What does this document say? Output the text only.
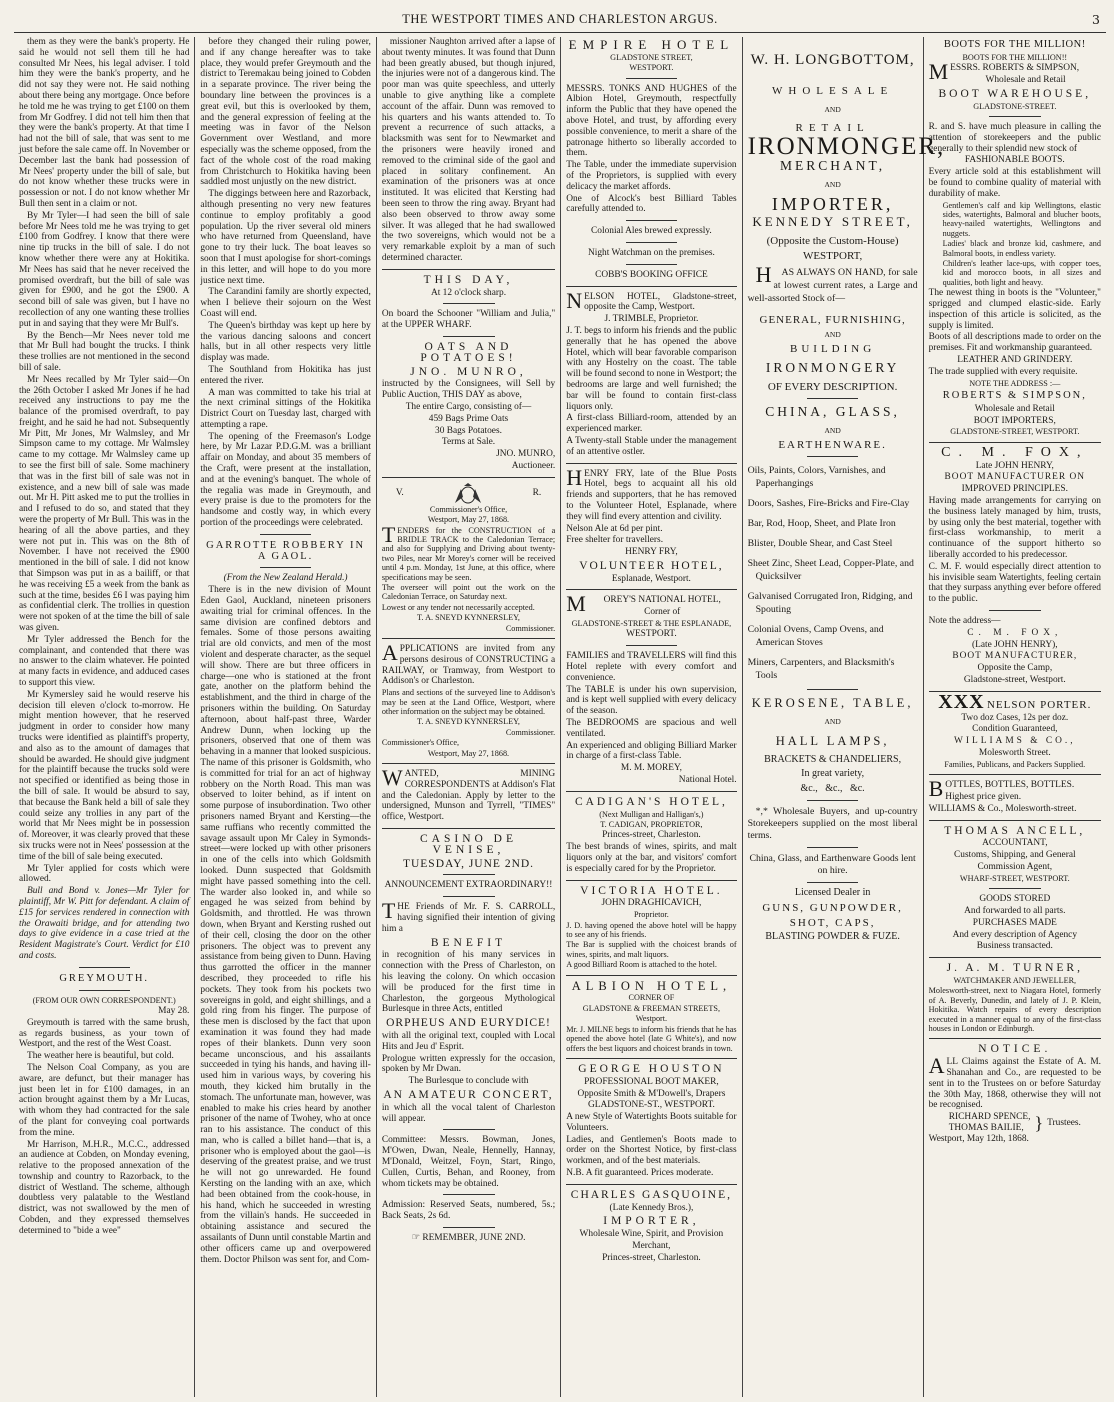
THE WESTPORT TIMES AND CHARLESTON ARGUS.	3

them as they were the bank's property. He said he would not sell them till he had consulted Mr Nees, his legal adviser. I told him they were the bank's property, and he did not say they were not. He said nothing about there being any mortgage. Once before he told me he was trying to get £100 on them from Mr Godfrey. I did not tell him then that they were the bank's property. At that time I had not the bill of sale, that was sent to me just before the sale came off. In November or December last the bank had possession of Mr Nees' property under the bill of sale, but do not know whether these trucks were in possession or not. I do not know whether Mr Bull then sent in a claim or not.

By Mr Tyler—I had seen the bill of sale before Mr Nees told me he was trying to get £100 from Godfrey. I know that there were nine tip trucks in the bill of sale. I do not know whether there were any at Hokitika. Mr Nees has said that he never received the promised overdraft, but the bill of sale was given for £900, and he got the £900. A second bill of sale was given, but I have no recollection of any one wanting these trollies put in and saying that they were Mr Bull's.

By the Bench—Mr Nees never told me that Mr Bull had bought the trucks. I think these trollies are not mentioned in the second bill of sale.

Mr Nees recalled by Mr Tyler said—On the 26th October I asked Mr Jones if he had received any instructions to pay me the balance of the promised overdraft, to pay freight, and he said he had not. Subsequently Mr Pitt, Mr Jones, Mr Walmsley, and Mr Simpson came to my cottage. Mr Walmsley came to my cottage. Mr Walmsley came up to see the first bill of sale. Some machinery that was in the first bill of sale was not in existence, and a new bill of sale was made out. Mr H. Pitt asked me to put the trollies in and I refused to do so, and stated that they were the property of Mr Bull. This was in the hearing of all the above parties, and they were not put in. This was on the 8th of November. I have not received the £900 mentioned in the bill of sale. I did not know that Simpson was put in as a bailiff, or that he was receiving £5 a week from the bank as such at the time, besides £6 I was paying him as confidential clerk. The trollies in question were not spoken of at the time the bill of sale was given.

Mr Tyler addressed the Bench for the complainant, and contended that there was no answer to the claim whatever. He pointed at many facts in evidence, and adduced cases to support this view.

Mr Kymersley said he would reserve his decision till eleven o'clock to-morrow. He might mention however, that he reserved judgment in order to consider how many trucks were identified as plaintiff's property, and also as to the amount of damages that should be awarded. He should give judgment for the plaintiff because the trucks sold were not specified or identified as being those in the bill of sale. It would be absurd to say, that because the Bank held a bill of sale they could seize any trollies in any part of the world that Mr Nees might be in possession of. Moreover, it was clearly proved that these six trucks were not in Nees' possession at the time of the bill of sale being executed.

Mr Tyler applied for costs which were allowed.

Bull and Bond v. Jones—Mr Tyler for plaintiff, Mr W. Pitt for defendant. A claim of £15 for services rendered in connection with the Orawaiti bridge, and for attending two days to give evidence in a case tried at the Resident Magistrate's Court. Verdict for £10 and costs.

GREYMOUTH.

(FROM OUR OWN CORRESPONDENT.)

May 28.

Greymouth is tarred with the same brush, as regards business, as your town of Westport, and the rest of the West Coast.

The weather here is beautiful, but cold.

The Nelson Coal Company, as you are aware, are defunct, but their manager has just been let in for £100 damages, in an action brought against them by a Mr Lucas, with whom they had contracted for the sale of the plant for conveying coal portwards from the mine.

Mr Harrison, M.H.R., M.C.C., addressed an audience at Cobden, on Monday evening, relative to the proposed annexation of the township and country to Razorback, to the district of Westland. The scheme, although doubtless very palatable to the Westland district, was not swallowed by the men of Cobden, and they expressed themselves determined to "bide a wee"

before they changed their ruling power, and if any change hereafter was to take place, they would prefer Greymouth and the district to Teremakau being joined to Cobden in a separate province. The river being the boundary line between the provinces is a great evil, but this is overlooked by them, and the general expression of feeling at the meeting was in favor of the Nelson Government over Westland, and more especially was the scheme opposed, from the fact of the whole cost of the road making from Christchurch to Hokitika having been saddled most unjustly on the new district.

The diggings between here and Razorback, although presenting no very new features continue to employ profitably a good population. Up the river several old miners who have returned from Queensland, have gone to try their luck. The boat leaves so soon that I must apologise for short-comings in this letter, and will hope to do you more justice next time.

The Carandini family are shortly expected, when I believe their sojourn on the West Coast will end.

The Queen's birthday was kept up here by the various dancing saloons and concert halls, but in all other respects very little display was made.

The Southland from Hokitika has just entered the river.

A man was committed to take his trial at the next criminal sittings of the Hokitika District Court on Tuesday last, charged with attempting a rape.

The opening of the Freemason's Lodge here, by Mr Lazar P.D.G.M. was a brilliant affair on Monday, and about 35 members of the Craft, were present at the installation, and at the evening's banquet. The whole of the regalia was made in Greymouth, and every praise is due to the promoters for the handsome and costly way, in which every portion of the proceedings were celebrated.

GARROTTE ROBBERY IN A GAOL.

(From the New Zealand Herald.)

There is in the new division of Mount Eden Gaol, Auckland, nineteen prisoners awaiting trial for criminal offences. In the same division are confined debtors and females. Some of those persons awaiting trial are old convicts, and men of the most violent and desperate character, as the sequel will show. There are but three officers in charge—one who is stationed at the front gate, another on the platform behind the establishment, and the third in charge of the prisoners within the building. On Saturday afternoon, about half-past three, Warder Andrew Dunn, when locking up the prisoners, observed that one of them was behaving in a manner that looked suspicious. The name of this prisoner is Goldsmith, who is committed for trial for an act of highway robbery on the North Road. This man was observed to loiter behind, as if intent on some purpose of insubordination. Two other prisoners named Bryant and Kersting—the same ruffians who recently committed the savage assault upon Mr Caley in Symonds-street—were locked up with other prisoners in one of the cells into which Goldsmith looked. Dunn suspected that Goldsmith might have passed something into the cell. The warder also looked in, and while so engaged he was seized from behind by Goldsmith, and throttled. He was thrown down, when Bryant and Kersting rushed out of their cell, closing the door on the other prisoners. The object was to prevent any assistance from being given to Dunn. Having thus garrotted the officer in the manner described, they proceeded to rifle his pockets. They took from his pockets two sovereigns in gold, and eight shillings, and a gold ring from his finger. The purpose of these men is disclosed by the fact that upon examination it was found they had made ropes of their blankets. Dunn very soon became unconscious, and his assailants succeeded in tying his hands, and having ill-used him in various ways, by covering his mouth, they kicked him brutally in the stomach. The unfortunate man, however, was enabled to make his cries heard by another prisoner of the name of Twohey, who at once ran to his assistance. The conduct of this man, who is called a billet hand—that is, a prisoner who is employed about the gaol—is deserving of the greatest praise, and we trust he will not go unrewarded. He found Kersting on the landing with an axe, which had been obtained from the cook-house, in his hand, which he succeeded in wresting from the villain's hands. He succeeded in obtaining assistance and secured the assailants of Dunn until constable Martin and other officers came up and overpowered them. Doctor Philson was sent for, and Com-

missioner Naughton arrived after a lapse of about twenty minutes. It was found that Dunn had been greatly abused, but though injured, the injuries were not of a dangerous kind. The poor man was quite speechless, and utterly unable to give anything like a complete account of the affair. Dunn was removed to his quarters and his wants attended to. To prevent a recurrence of such attacks, a blacksmith was sent for to Newmarket and the prisoners were heavily ironed and removed to the criminal side of the gaol and placed in solitary confinement. An examination of the prisoners was at once instituted. It was elicited that Kersting had been seen to throw the ring away. Bryant had also been observed to throw away some silver. It was alleged that he had swallowed the two sovereigns, which would not be a very remarkable exploit by a man of such determined character.

THIS DAY,

At 12 o'clock sharp.

On board the Schooner "William and Julia," at the UPPER WHARF.

OATS AND POTATOES!
JNO. MUNRO,

instructed by the Consignees, will Sell by Public Auction, THIS DAY as above,

The entire Cargo, consisting of—

459 Bags Prime Oats

30 Bags Potatoes.

Terms at Sale.

JNO. MUNRO,

Auctioneer.

V.	R.

Commissioner's Office,

Westport, May 27, 1868.

TENDERS for the CONSTRUCTION of a BRIDLE TRACK to the Caledonian Terrace; and also for Supplying and Driving about twenty-two Piles, near Mr Morey's corner will be received until 4 p.m. Monday, 1st June, at this office, where specifications may be seen.

The overseer will point out the work on the Caledonian Terrace, on Saturday next.

Lowest or any tender not necessarily accepted.

T. A. SNEYD KYNNERSLEY,

Commissioner.

APPLICATIONS are invited from any persons desirous of CONSTRUCTING a RAILWAY, or Tramway, from Westport to Addison's or Charleston.

Plans and sections of the surveyed line to Addison's may be seen at the Land Office, Westport, where other information on the subject may be obtained.

T. A. SNEYD KYNNERSLEY,

Commissioner.

Commissioner's Office,

Westport, May 27, 1868.

WANTED, MINING CORRESPONDENTS at Addison's Flat and the Caledonian. Apply by letter to the undersigned, Munson and Tyrrell, "TIMES" office, Westport.

CASINO DE VENISE,
TUESDAY, JUNE 2ND.

ANNOUNCEMENT EXTRAORDINARY!!

THE Friends of Mr. F. S. CARROLL, having signified their intention of giving him a

BENEFIT

in recognition of his many services in connection with the Press of Charleston, on his leaving the colony. On which occasion will be produced for the first time in Charleston, the gorgeous Mythological Burlesque in three Acts, entitled

ORPHEUS AND EURYDICE!

with all the original text, coupled with Local Hits and Jeu d' Esprit.

Prologue written expressly for the occasion, spoken by Mr Dwan.

The Burlesque to conclude with

AN AMATEUR CONCERT,

in which all the vocal talent of Charleston will appear.

Committee: Messrs. Bowman, Jones, M'Owen, Dwan, Neale, Hennelly, Hannay, M'Donald, Weitzel, Foyn, Start, Ringo, Cullen, Curtis, Behan, and Rooney, from whom tickets may be obtained.

Admission: Reserved Seats, numbered, 5s.; Back Seats, 2s 6d.

☞ REMEMBER, JUNE 2ND.

EMPIRE HOTEL

GLADSTONE STREET,

WESTPORT.

MESSRS. TONKS AND HUGHES of the Albion Hotel, Greymouth, respectfully inform the Public that they have opened the above Hotel, and trust, by affording every possible convenience, to merit a share of the patronage hitherto so liberally accorded to them.

The Table, under the immediate supervision of the Proprietors, is supplied with every delicacy the market affords.

One of Alcock's best Billiard Tables carefully attended to.

Colonial Ales brewed expressly.

Night Watchman on the premises.

COBB'S BOOKING OFFICE

NELSON HOTEL, Gladstone-street, opposite the Camp, Westport.

J. TRIMBLE, Proprietor.

J. T. begs to inform his friends and the public generally that he has opened the above Hotel, which will bear favorable comparison with any Hostelry on the coast. The table will be found second to none in Westport; the bedrooms are large and well furnished; the bar will be found to contain first-class liquors only.

A first-class Billiard-room, attended by an experienced marker.

A Twenty-stall Stable under the management of an attentive ostler.

HENRY FRY, late of the Blue Posts Hotel, begs to acquaint all his old friends and supporters, that he has removed to the Volunteer Hotel, Esplanade, where they will find every attention and civility.

Nelson Ale at 6d per pint.

Free shelter for travellers.

HENRY FRY,

VOLUNTEER HOTEL,

Esplanade, Westport.

MOREY'S NATIONAL HOTEL,

Corner of

GLADSTONE-STREET & THE ESPLANADE,

WESTPORT.

FAMILIES and TRAVELLERS will find this Hotel replete with every comfort and convenience.

The TABLE is under his own supervision, and is kept well supplied with every delicacy of the season.

The BEDROOMS are spacious and well ventilated.

An experienced and obliging Billiard Marker in charge of a first-class Table.

M. M. MOREY,

National Hotel.

CADIGAN'S HOTEL,

(Next Mulligan and Halligan's,)

T. CADIGAN, PROPRIETOR,

Princes-street, Charleston.

The best brands of wines, spirits, and malt liquors only at the bar, and visitors' comfort is especially cared for by the Proprietor.

VICTORIA HOTEL.

JOHN DRAGHICAVICH,

Proprietor.

J. D. having opened the above hotel will be happy to see any of his friends.

The Bar is supplied with the choicest brands of wines, spirits, and malt liquors.

A good Billiard Room is attached to the hotel.

ALBION HOTEL,

CORNER OF

GLADSTONE & FREEMAN STREETS,

Westport.

Mr. J. MILNE begs to inform his friends that he has opened the above hotel (late G White's), and now offers the best liquors and choicest brands in town.

GEORGE HOUSTON

PROFESSIONAL BOOT MAKER,

Opposite Smith & M'Dowell's, Drapers

GLADSTONE-ST., WESTPORT.

A new Style of Watertights Boots suitable for Volunteers.

Ladies, and Gentlemen's Boots made to order on the Shortest Notice, by first-class workmen, and of the best materials.

N.B. A fit guaranteed. Prices moderate.

CHARLES GASQUOINE,

(Late Kennedy Bros.),

IMPORTER,

Wholesale Wine, Spirit, and Provision

Merchant,

Princes-street, Charleston.

W. H. LONGBOTTOM,
WHOLESALE
AND
RETAIL
IRONMONGER,
MERCHANT,
AND
IMPORTER,
KENNEDY STREET,
(Opposite the Custom-House)
WESTPORT,

HAS ALWAYS ON HAND, for sale at lowest current rates, a Large and well-assorted Stock of—

GENERAL, FURNISHING,
AND
BUILDING
IRONMONGERY
OF EVERY DESCRIPTION.
CHINA, GLASS,
AND
EARTHENWARE.
Oils, Paints, Colors, Varnishes, and Paperhangings
Doors, Sashes, Fire-Bricks and Fire-Clay
Bar, Rod, Hoop, Sheet, and Plate Iron
Blister, Double Shear, and Cast Steel
Sheet Zinc, Sheet Lead, Copper-Plate, and Quicksilver
Galvanised Corrugated Iron, Ridging, and Spouting
Colonial Ovens, Camp Ovens, and American Stoves
Miners, Carpenters, and Blacksmith's Tools
KEROSENE, TABLE,
AND
HALL LAMPS,
BRACKETS & CHANDELIERS,
In great variety,
&c.,   &c.,   &c.

*,* Wholesale Buyers, and up-country Storekeepers supplied on the most liberal terms.

China, Glass, and Earthenware Goods lent on hire.

Licensed Dealer in
GUNS, GUNPOWDER,
SHOT, CAPS,
BLASTING POWDER & FUZE.
BOOTS FOR THE MILLION!

BOOTS FOR THE MILLION!!

MESSRS. ROBERTS & SIMPSON,

Wholesale and Retail

BOOT WAREHOUSE,

GLADSTONE-STREET.

R. and S. have much pleasure in calling the attention of storekeepers and the public generally to their splendid new stock of

FASHIONABLE BOOTS.

Every article sold at this establishment will be found to combine quality of material with durability of make.

Gentlemen's calf and kip Wellingtons, elastic sides, watertights, Balmoral and blucher boots, heavy-nailed watertights, Wellingtons and nuggets.

Ladies' black and bronze kid, cashmere, and Balmoral boots, in endless variety.

Children's leather lace-ups, with copper toes, kid and morocco boots, in all sizes and qualities, both light and heavy.

The newest thing in boots is the "Volunteer," sprigged and clumped elastic-side. Early inspection of this article is solicited, as the supply is limited.

Boots of all descriptions made to order on the premises. Fit and workmanship guaranteed.

LEATHER AND GRINDERY.

The trade supplied with every requisite.

NOTE THE ADDRESS :—

ROBERTS & SIMPSON,

Wholesale and Retail

BOOT IMPORTERS,

GLADSTONE-STREET, WESTPORT.

C. M. FOX,

Late JOHN HENRY,

BOOT MANUFACTURER ON

IMPROVED PRINCIPLES.

Having made arrangements for carrying on the business lately managed by him, trusts, by using only the best material, together with first-class workmanship, to merit a continuance of the support hitherto so liberally accorded to his predecessor.

C. M. F. would especially direct attention to his invisible seam Watertights, feeling certain that they surpass anything ever before offered to the public.

Note the address—

C. M. FOX,

(Late JOHN HENRY),

BOOT MANUFACTURER,

Opposite the Camp,

Gladstone-street, Westport.

XXX NELSON PORTER.

Two doz Cases, 12s per doz.

Condition Guaranteed,

WILLIAMS & CO.,

Molesworth Street.

Families, Publicans, and Packers Supplied.

BOTTLES, BOTTLES, BOTTLES.

Highest price given.

WILLIAMS & Co., Molesworth-street.

THOMAS ANCELL,

ACCOUNTANT,

Customs, Shipping, and General

Commission Agent,

WHARF-STREET, WESTPORT.

GOODS STORED

And forwarded to all parts.

PURCHASES MADE

And every description of Agency

Business transacted.

J. A. M. TURNER,

WATCHMAKER AND JEWELLER,

Molesworth-street, next to Niagara Hotel, formerly of A. Beverly, Dunedin, and lately of J. P. Klein, Hokitika. Watch repairs of every description executed in a manner equal to any of the first-class houses in London or Edinburgh.

NOTICE.

ALL Claims against the Estate of A. M. Shanahan and Co., are requested to be sent in to the Trustees on or before Saturday the 30th May, 1868, otherwise they will not be recognised.

RICHARD SPENCE,
THOMAS BAILIE, } Trustees.

Westport, May 12th, 1868.
